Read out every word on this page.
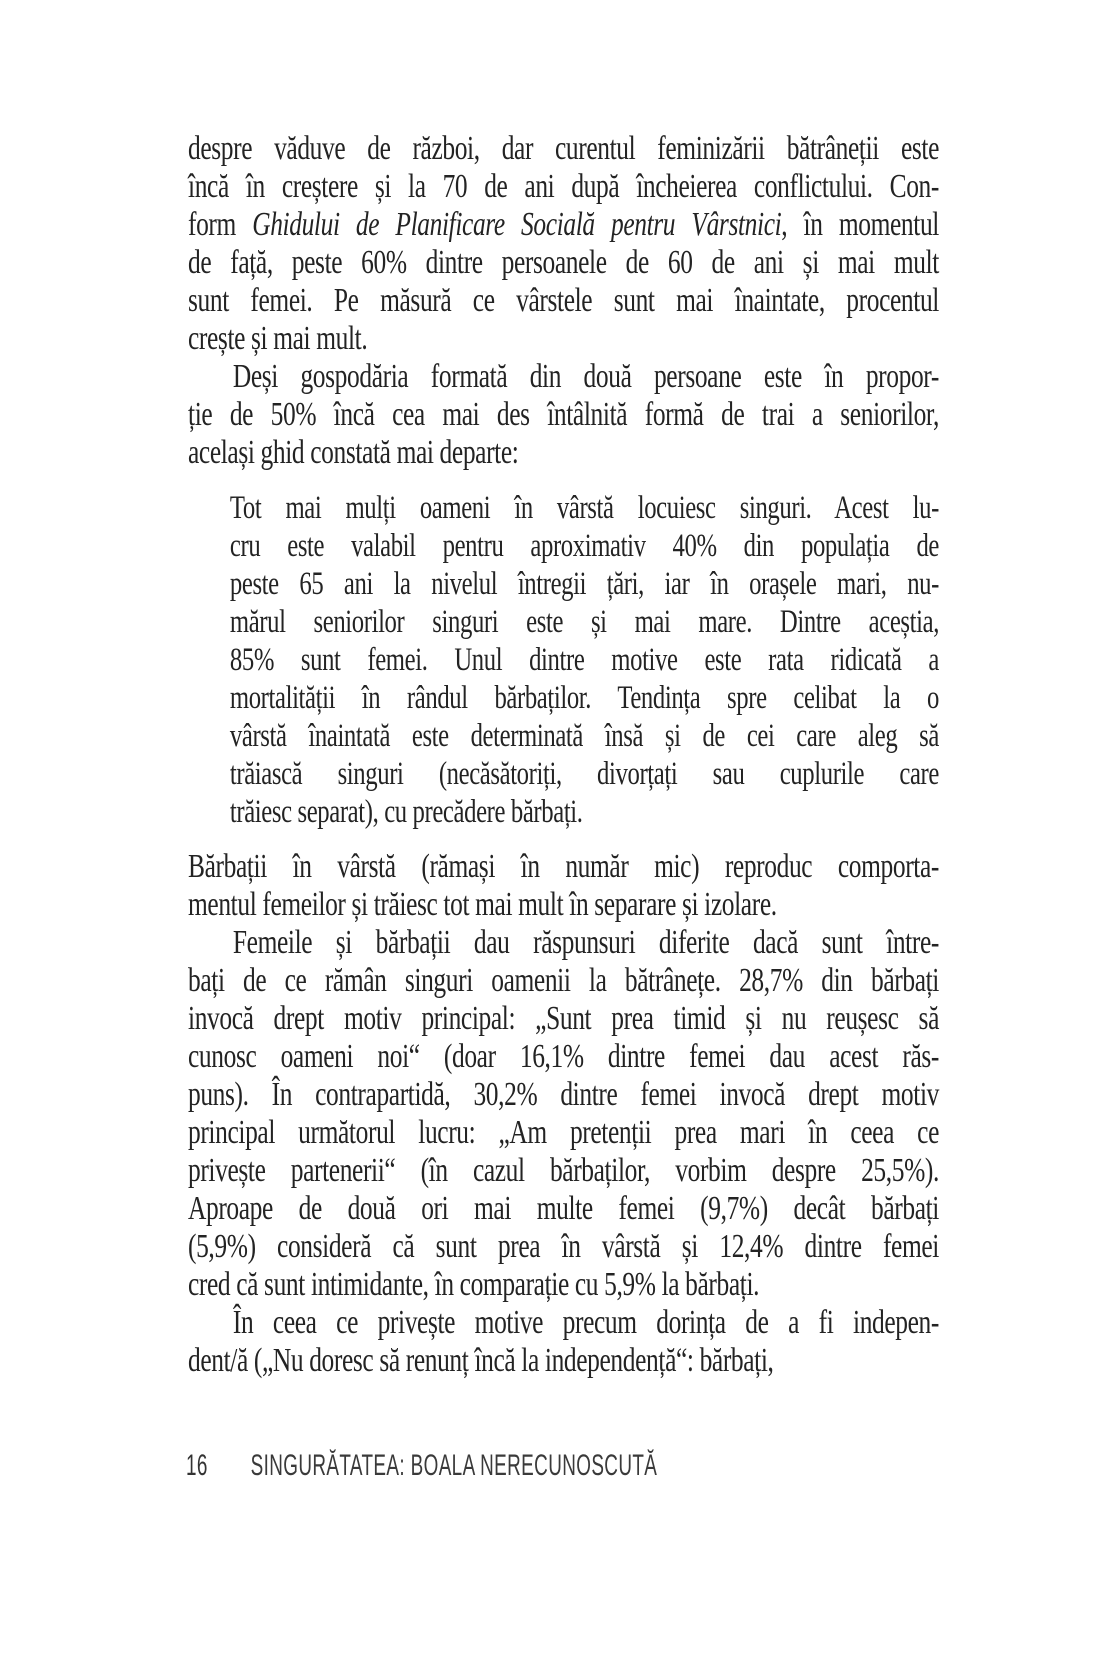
despre văduve de război, dar curentul feminizării bătrâneții este
încă în creștere și la 70 de ani după încheierea conflictului. Con-
form Ghidului de Planificare Socială pentru Vârstnici, în momentul
de față, peste 60% dintre persoanele de 60 de ani și mai mult
sunt femei. Pe măsură ce vârstele sunt mai înaintate, procentul
crește și mai mult.
Deși gospodăria formată din două persoane este în propor-
ție de 50% încă cea mai des întâlnită formă de trai a seniorilor,
același ghid constată mai departe:
Tot mai mulți oameni în vârstă locuiesc singuri. Acest lu-
cru este valabil pentru aproximativ 40% din populația de
peste 65 ani la nivelul întregii țări, iar în orașele mari, nu-
mărul seniorilor singuri este și mai mare. Dintre aceștia,
85% sunt femei. Unul dintre motive este rata ridicată a
mortalității în rândul bărbaților. Tendința spre celibat la o
vârstă înaintată este determinată însă și de cei care aleg să
trăiască singuri (necăsătoriți, divorțați sau cuplurile care
trăiesc separat), cu precădere bărbați.
Bărbații în vârstă (rămași în număr mic) reproduc comporta-
mentul femeilor și trăiesc tot mai mult în separare și izolare.
Femeile și bărbații dau răspunsuri diferite dacă sunt între-
bați de ce rămân singuri oamenii la bătrânețe. 28,7% din bărbați
invocă drept motiv principal: „Sunt prea timid și nu reușesc să
cunosc oameni noi“ (doar 16,1% dintre femei dau acest răs-
puns). În contrapartidă, 30,2% dintre femei invocă drept motiv
principal următorul lucru: „Am pretenții prea mari în ceea ce
privește partenerii“ (în cazul bărbaților, vorbim despre 25,5%).
Aproape de două ori mai multe femei (9,7%) decât bărbați
(5,9%) consideră că sunt prea în vârstă și 12,4% dintre femei
cred că sunt intimidante, în comparație cu 5,9% la bărbați.
În ceea ce privește motive precum dorința de a fi indepen-
dent/ă („Nu doresc să renunț încă la independență“: bărbați,
16 SINGURĂTATEA: BOALA NERECUNOSCUTĂ
